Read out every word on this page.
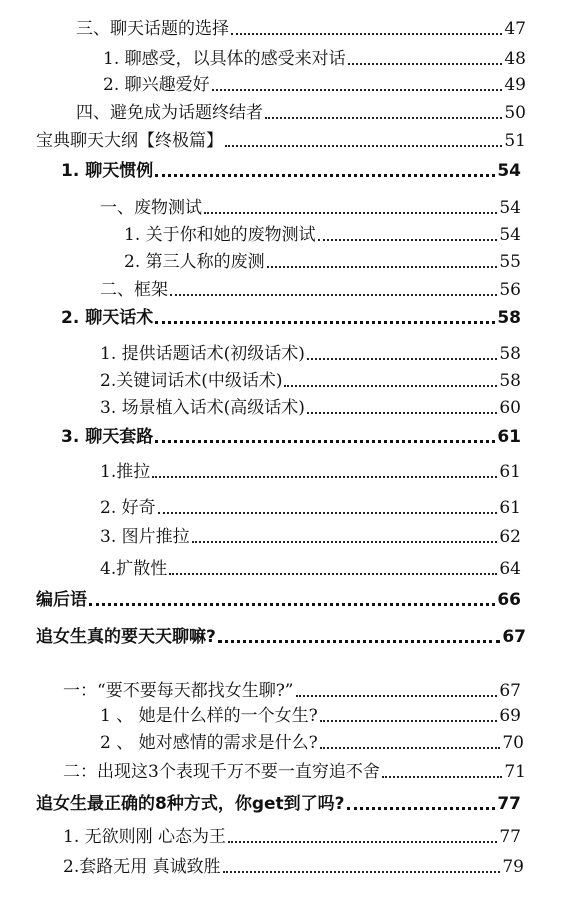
三、聊天话题的选择	47
1. 聊感受，以具体的感受来对话	48
2. 聊兴趣爱好	49
四、避免成为话题终结者	50
宝典聊天大纲【终极篇】	51
1. 聊天惯例	54
一、废物测试	54
1. 关于你和她的废物测试	54
2. 第三人称的废测	55
二、框架	56
2. 聊天话术	58
1. 提供话题话术(初级话术)	58
2.关键词话术(中级话术)	58
3. 场景植入话术(高级话术)	60
3. 聊天套路	61
1.推拉	61
2. 好奇	61
3. 图片推拉	62
4.扩散性	64
编后语	66
追女生真的要天天聊嘛?	67
一：“要不要每天都找女生聊?”	67
1 、 她是什么样的一个女生?	69
2 、 她对感情的需求是什么?	70
二：出现这3个表现千万不要一直穷追不舍	71
追女生最正确的8种方式，你get到了吗?	77
1. 无欲则刚 心态为王	77
2.套路无用 真诚致胜	79
